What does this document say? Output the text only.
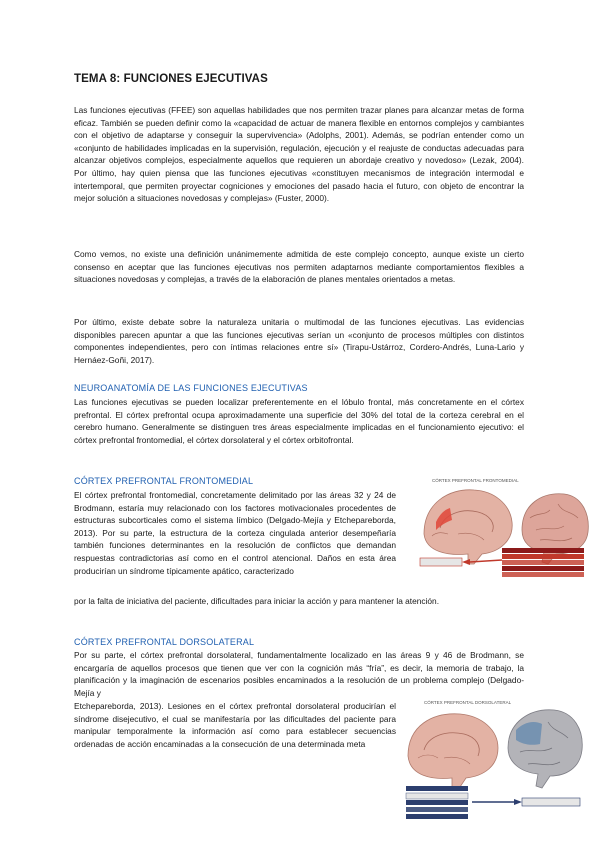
TEMA 8: FUNCIONES EJECUTIVAS

Las funciones ejecutivas (FFEE) son aquellas habilidades que nos permiten trazar planes para alcanzar metas de forma eficaz. También se pueden definir como la «capacidad de actuar de manera flexible en entornos complejos y cambiantes con el objetivo de adaptarse y conseguir la supervivencia» (Adolphs, 2001). Además, se podrían entender como un «conjunto de habilidades implicadas en la supervisión, regulación, ejecución y el reajuste de conductas adecuadas para alcanzar objetivos complejos, especialmente aquellos que requieren un abordaje creativo y novedoso» (Lezak, 2004). Por último, hay quien piensa que las funciones ejecutivas «constituyen mecanismos de integración intermodal e intertemporal, que permiten proyectar cogniciones y emociones del pasado hacia el futuro, con objeto de encontrar la mejor solución a situaciones novedosas y complejas» (Fuster, 2000).

Como vemos, no existe una definición unánimemente admitida de este complejo concepto, aunque existe un cierto consenso en aceptar que las funciones ejecutivas nos permiten adaptarnos mediante comportamientos flexibles a situaciones novedosas y complejas, a través de la elaboración de planes mentales orientados a metas.

Por último, existe debate sobre la naturaleza unitaria o multimodal de las funciones ejecutivas. Las evidencias disponibles parecen apuntar a que las funciones ejecutivas serían un «conjunto de procesos múltiples con distintos componentes independientes, pero con íntimas relaciones entre sí» (Tirapu-Ustárroz, Cordero-Andrés, Luna-Lario y Hernáez-Goñi, 2017).

NEUROANATOMÍA DE LAS FUNCIONES EJECUTIVAS

Las funciones ejecutivas se pueden localizar preferentemente en el lóbulo frontal, más concretamente en el córtex prefrontal. El córtex prefrontal ocupa aproximadamente una superficie del 30% del total de la corteza cerebral en el cerebro humano. Generalmente se distinguen tres áreas especialmente implicadas en el funcionamiento ejecutivo: el córtex prefrontal frontomedial, el córtex dorsolateral y el córtex orbitofrontal.

CÓRTEX PREFRONTAL FRONTOMEDIAL

El córtex prefrontal frontomedial, concretamente delimitado por las áreas 32 y 24 de Brodmann, estaría muy relacionado con los factores motivacionales procedentes de estructuras subcorticales como el sistema límbico (Delgado-Mejía y Etchepareborda, 2013). Por su parte, la estructura de la corteza cingulada anterior desempeñaría también funciones determinantes en la resolución de conflictos que demandan respuestas contradictorias así como en el control atencional. Daños en esta área producirían un síndrome típicamente apático, caracterizado

por la falta de iniciativa del paciente, dificultades para iniciar la acción y para mantener la atención.

CÓRTEX PREFRONTAL FRONTOMEDIAL
CÓRTEX PREFRONTAL DORSOLATERAL

Por su parte, el córtex prefrontal dorsolateral, fundamentalmente localizado en las áreas 9 y 46 de Brodmann, se encargaría de aquellos procesos que tienen que ver con la cognición más “fría”, es decir, la memoria de trabajo, la planificación y la imaginación de escenarios posibles encaminados a la resolución de un problema complejo (Delgado-Mejía y

Etchepareborda, 2013). Lesiones en el córtex prefrontal dorsolateral producirían el síndrome disejecutivo, el cual se manifestaría por las dificultades del paciente para manipular temporalmente la información así como para establecer secuencias ordenadas de acción encaminadas a la consecución de una determinada meta

CÓRTEX PREFRONTAL DORSOLATERAL
